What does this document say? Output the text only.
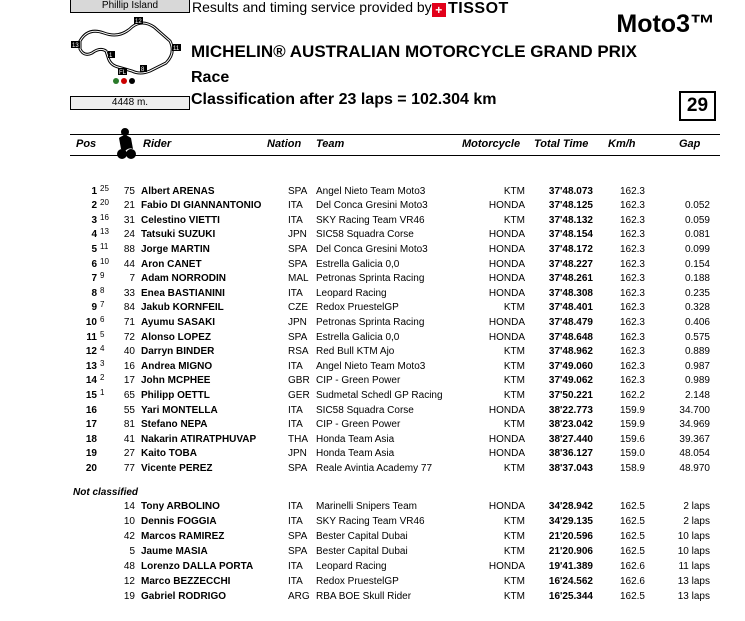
Phillip Island
13
12
11
8
FL
1
4448 m.
Results and timing service provided by + TISSOT
Moto3™
MICHELIN® AUSTRALIAN MOTORCYCLE GRAND PRIX
Race
Classification after 23 laps = 102.304 km	29
Pos	Rider	Nation Team	Motorcycle Total Time Km/h	Gap
1 25 75 Albert ARENAS	SPA Angel Nieto Team Moto3	KTM 37'48.073	162.3
2 20 21 Fabio DI GIANNANTONIO	ITA Del Conca Gresini Moto3	HONDA 37'48.125	162.3	0.052
3 16 31 Celestino VIETTI	ITA SKY Racing Team VR46	KTM 37'48.132	162.3	0.059
4 13 24 Tatsuki SUZUKI	JPN SIC58 Squadra Corse	HONDA 37'48.154	162.3	0.081
5 11 88 Jorge MARTIN	SPA Del Conca Gresini Moto3	HONDA 37'48.172	162.3	0.099
6 10 44 Aron CANET	SPA Estrella Galicia 0,0	HONDA 37'48.227	162.3	0.154
7 9 7 Adam NORRODIN	MAL Petronas Sprinta Racing	HONDA 37'48.261	162.3	0.188
8 8 33 Enea BASTIANINI	ITA Leopard Racing	HONDA 37'48.308	162.3	0.235
9 7 84 Jakub KORNFEIL	CZE Redox PruestelGP	KTM 37'48.401	162.3	0.328
10 6 71 Ayumu SASAKI	JPN Petronas Sprinta Racing	HONDA 37'48.479	162.3	0.406
11 5 72 Alonso LOPEZ	SPA Estrella Galicia 0,0	HONDA 37'48.648	162.3	0.575
12 4 40 Darryn BINDER	RSA Red Bull KTM Ajo	KTM 37'48.962	162.3	0.889
13 3 16 Andrea MIGNO	ITA Angel Nieto Team Moto3	KTM 37'49.060	162.3	0.987
14 2 17 John MCPHEE	GBR CIP - Green Power	KTM 37'49.062	162.3	0.989
15 1 65 Philipp OETTL	GER Sudmetal Schedl GP Racing	KTM 37'50.221	162.2	2.148
16	55 Yari MONTELLA	ITA SIC58 Squadra Corse	HONDA 38'22.773	159.9	34.700
17	81 Stefano NEPA	ITA CIP - Green Power	KTM 38'23.042	159.9	34.969
18	41 Nakarin ATIRATPHUVAP	THA Honda Team Asia	HONDA 38'27.440	159.6	39.367
19	27 Kaito TOBA	JPN Honda Team Asia	HONDA 38'36.127	159.0	48.054
20	77 Vicente PEREZ	SPA Reale Avintia Academy 77	KTM 38'37.043	158.9	48.970
Not classified
14 Tony ARBOLINO	ITA Marinelli Snipers Team	HONDA 34'28.942	162.5	2 laps
10 Dennis FOGGIA	ITA SKY Racing Team VR46	KTM 34'29.135	162.5	2 laps
42 Marcos RAMIREZ	SPA Bester Capital Dubai	KTM 21'20.596	162.5	10 laps
5 Jaume MASIA	SPA Bester Capital Dubai	KTM 21'20.906	162.5	10 laps
48 Lorenzo DALLA PORTA	ITA Leopard Racing	HONDA 19'41.389	162.6	11 laps
12 Marco BEZZECCHI	ITA Redox PruestelGP	KTM 16'24.562	162.6	13 laps
19 Gabriel RODRIGO	ARG RBA BOE Skull Rider	KTM 16'25.344	162.5	13 laps
